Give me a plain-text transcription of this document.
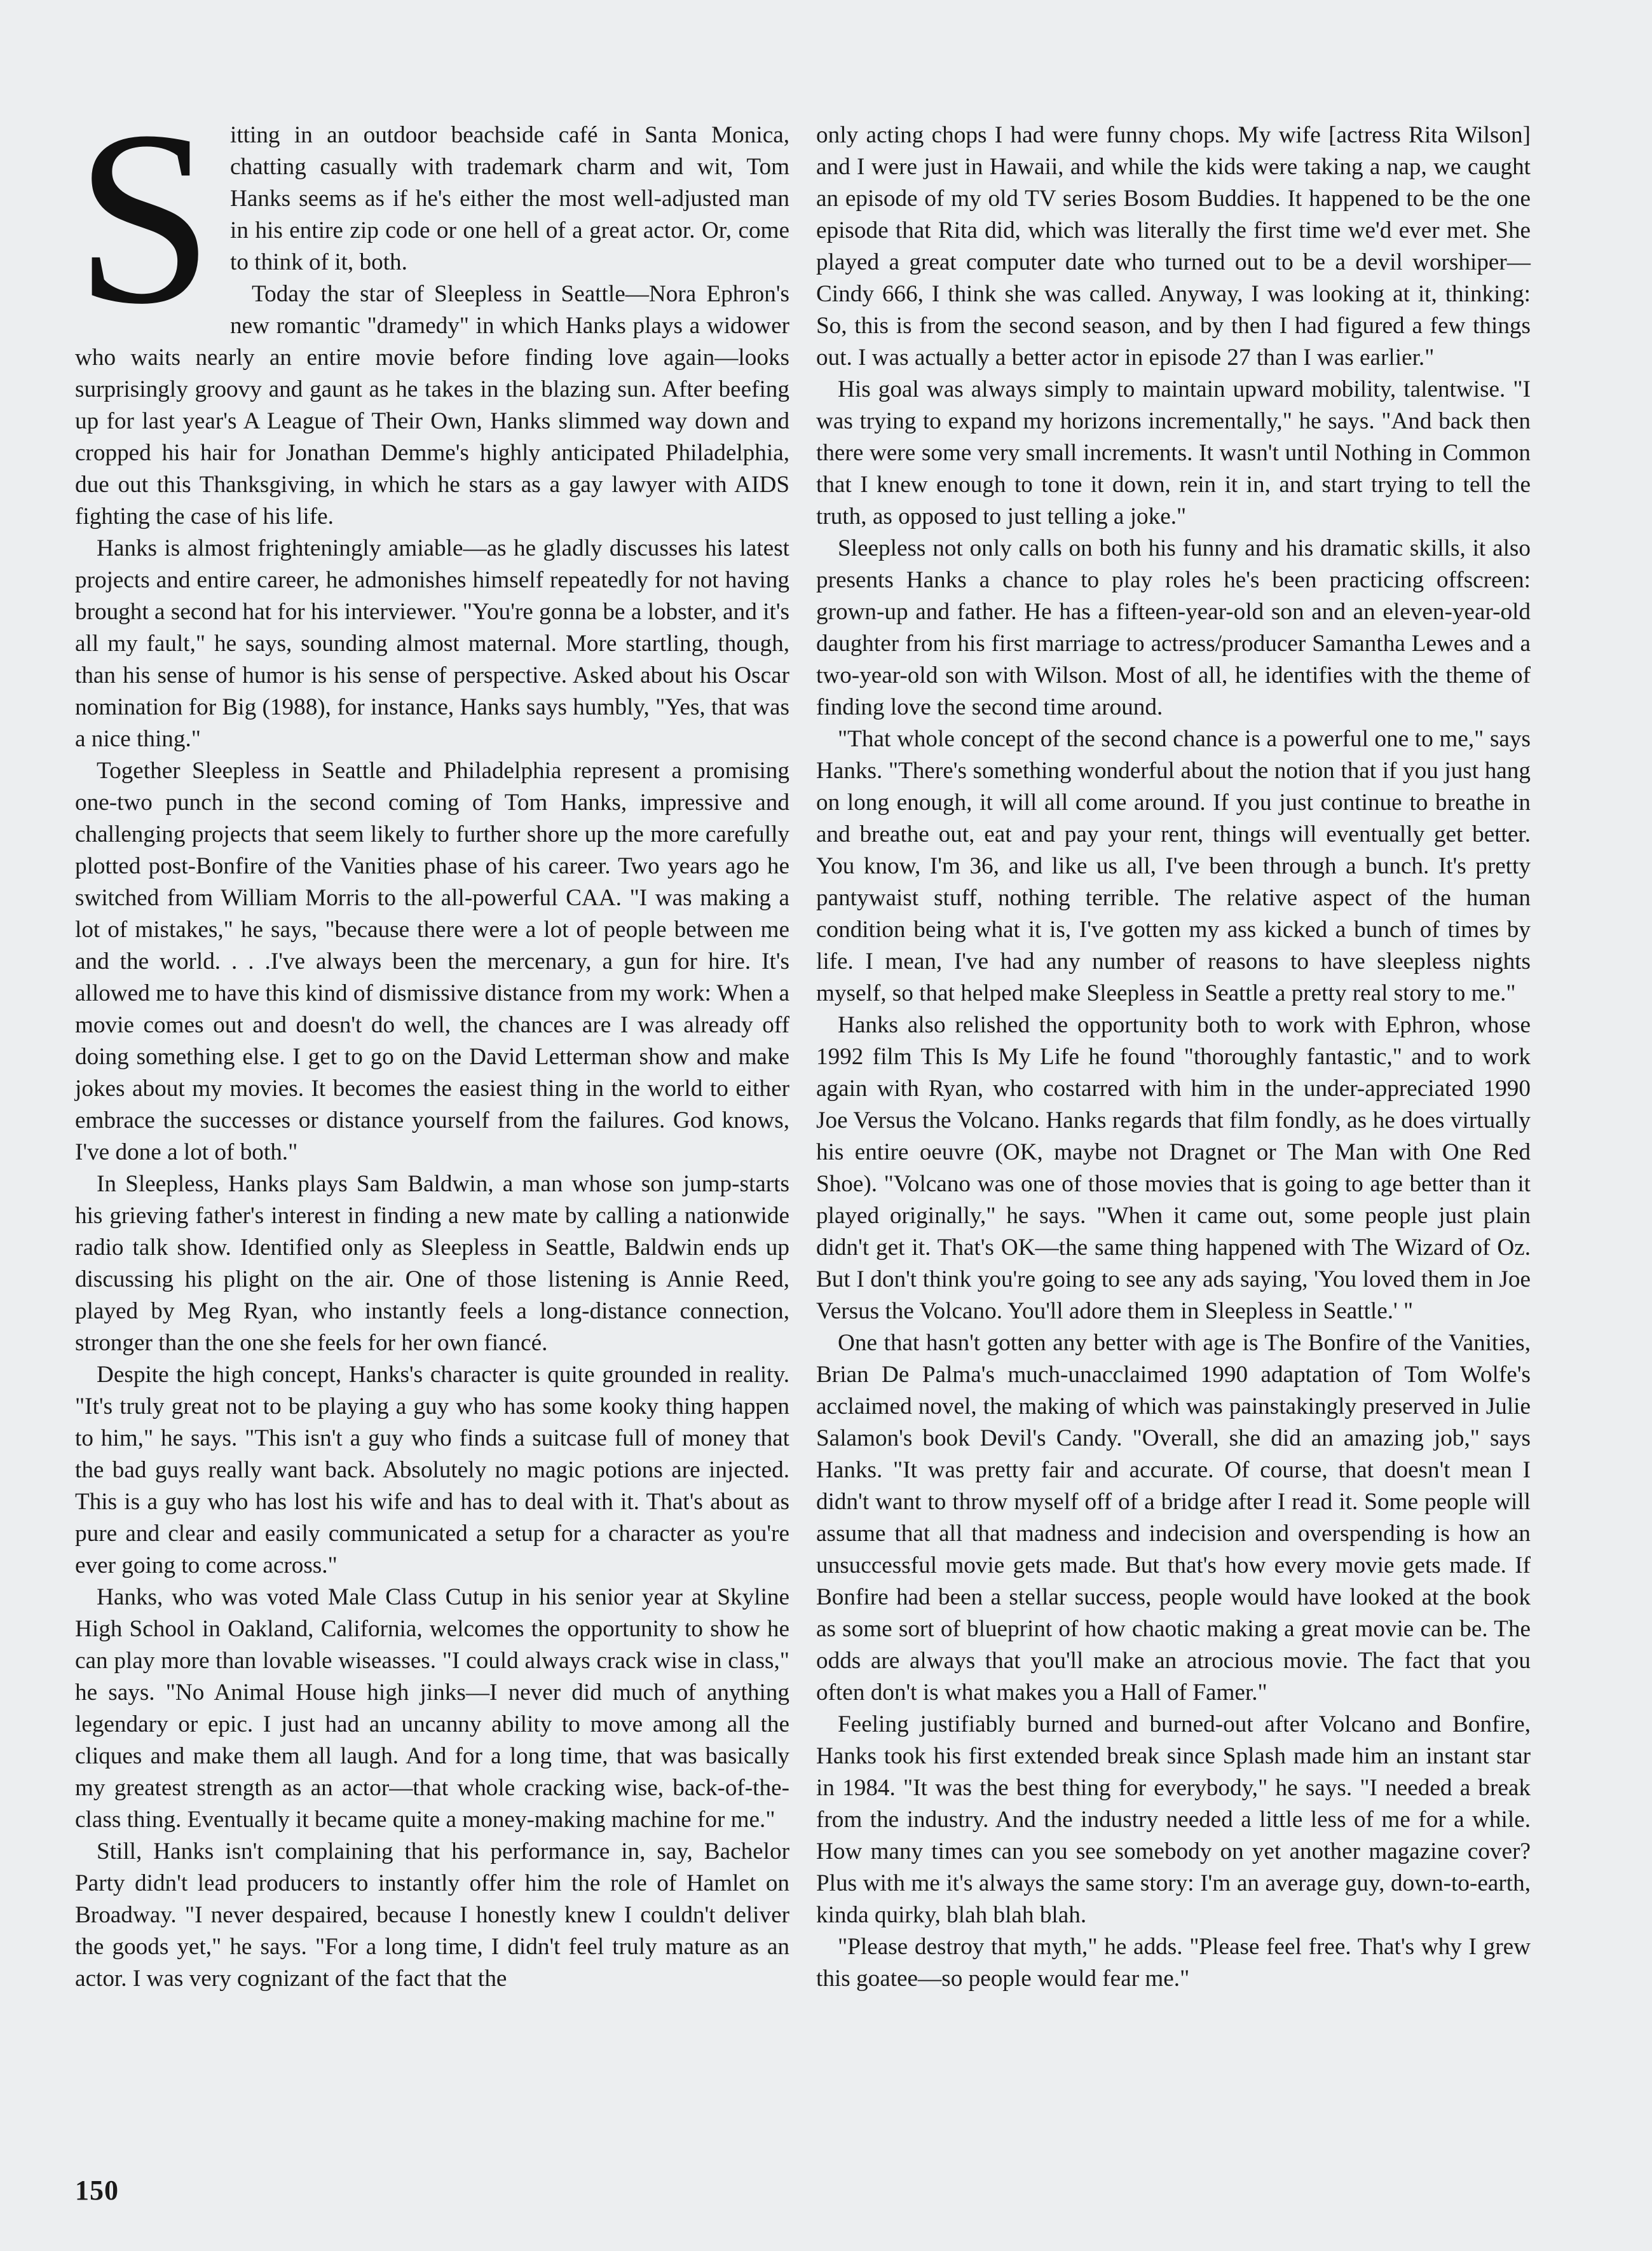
Sitting in an outdoor beachside café in Santa Monica, chatting casually with trademark charm and wit, Tom Hanks seems as if he's either the most well-adjusted man in his entire zip code or one hell of a great actor. Or, come to think of it, both.

Today the star of Sleepless in Seattle—Nora Ephron's new romantic "dramedy" in which Hanks plays a widower who waits nearly an entire movie before finding love again—looks surprisingly groovy and gaunt as he takes in the blazing sun. After beefing up for last year's A League of Their Own, Hanks slimmed way down and cropped his hair for Jonathan Demme's highly anticipated Philadelphia, due out this Thanksgiving, in which he stars as a gay lawyer with AIDS fighting the case of his life.

Hanks is almost frighteningly amiable—as he gladly discusses his latest projects and entire career, he admonishes himself repeatedly for not having brought a second hat for his interviewer. "You're gonna be a lobster, and it's all my fault," he says, sounding almost maternal. More startling, though, than his sense of humor is his sense of perspective. Asked about his Oscar nomination for Big (1988), for instance, Hanks says humbly, "Yes, that was a nice thing."

Together Sleepless in Seattle and Philadelphia represent a promising one-two punch in the second coming of Tom Hanks, impressive and challenging projects that seem likely to further shore up the more carefully plotted post-Bonfire of the Vanities phase of his career. Two years ago he switched from William Morris to the all-powerful CAA. "I was making a lot of mistakes," he says, "because there were a lot of people between me and the world. . . .I've always been the mercenary, a gun for hire. It's allowed me to have this kind of dismissive distance from my work: When a movie comes out and doesn't do well, the chances are I was already off doing something else. I get to go on the David Letterman show and make jokes about my movies. It becomes the easiest thing in the world to either embrace the successes or distance yourself from the failures. God knows, I've done a lot of both."

In Sleepless, Hanks plays Sam Baldwin, a man whose son jump-starts his grieving father's interest in finding a new mate by calling a nationwide radio talk show. Identified only as Sleepless in Seattle, Baldwin ends up discussing his plight on the air. One of those listening is Annie Reed, played by Meg Ryan, who instantly feels a long-distance connection, stronger than the one she feels for her own fiancé.

Despite the high concept, Hanks's character is quite grounded in reality. "It's truly great not to be playing a guy who has some kooky thing happen to him," he says. "This isn't a guy who finds a suitcase full of money that the bad guys really want back. Absolutely no magic potions are injected. This is a guy who has lost his wife and has to deal with it. That's about as pure and clear and easily communicated a setup for a character as you're ever going to come across."

Hanks, who was voted Male Class Cutup in his senior year at Skyline High School in Oakland, California, welcomes the opportunity to show he can play more than lovable wiseasses. "I could always crack wise in class," he says. "No Animal House high jinks—I never did much of anything legendary or epic. I just had an uncanny ability to move among all the cliques and make them all laugh. And for a long time, that was basically my greatest strength as an actor—that whole cracking wise, back-of-the-class thing. Eventually it became quite a money-making machine for me."

Still, Hanks isn't complaining that his performance in, say, Bachelor Party didn't lead producers to instantly offer him the role of Hamlet on Broadway. "I never despaired, because I honestly knew I couldn't deliver the goods yet," he says. "For a long time, I didn't feel truly mature as an actor. I was very cognizant of the fact that the

only acting chops I had were funny chops. My wife [actress Rita Wilson] and I were just in Hawaii, and while the kids were taking a nap, we caught an episode of my old TV series Bosom Buddies. It happened to be the one episode that Rita did, which was literally the first time we'd ever met. She played a great computer date who turned out to be a devil worshiper—Cindy 666, I think she was called. Anyway, I was looking at it, thinking: So, this is from the second season, and by then I had figured a few things out. I was actually a better actor in episode 27 than I was earlier."

His goal was always simply to maintain upward mobility, talentwise. "I was trying to expand my horizons incrementally," he says. "And back then there were some very small increments. It wasn't until Nothing in Common that I knew enough to tone it down, rein it in, and start trying to tell the truth, as opposed to just telling a joke."

Sleepless not only calls on both his funny and his dramatic skills, it also presents Hanks a chance to play roles he's been practicing offscreen: grown-up and father. He has a fifteen-year-old son and an eleven-year-old daughter from his first marriage to actress/producer Samantha Lewes and a two-year-old son with Wilson. Most of all, he identifies with the theme of finding love the second time around.

"That whole concept of the second chance is a powerful one to me," says Hanks. "There's something wonderful about the notion that if you just hang on long enough, it will all come around. If you just continue to breathe in and breathe out, eat and pay your rent, things will eventually get better. You know, I'm 36, and like us all, I've been through a bunch. It's pretty pantywaist stuff, nothing terrible. The relative aspect of the human condition being what it is, I've gotten my ass kicked a bunch of times by life. I mean, I've had any number of reasons to have sleepless nights myself, so that helped make Sleepless in Seattle a pretty real story to me."

Hanks also relished the opportunity both to work with Ephron, whose 1992 film This Is My Life he found "thoroughly fantastic," and to work again with Ryan, who costarred with him in the under-appreciated 1990 Joe Versus the Volcano. Hanks regards that film fondly, as he does virtually his entire oeuvre (OK, maybe not Dragnet or The Man with One Red Shoe). "Volcano was one of those movies that is going to age better than it played originally," he says. "When it came out, some people just plain didn't get it. That's OK—the same thing happened with The Wizard of Oz. But I don't think you're going to see any ads saying, 'You loved them in Joe Versus the Volcano. You'll adore them in Sleepless in Seattle.' "

One that hasn't gotten any better with age is The Bonfire of the Vanities, Brian De Palma's much-unacclaimed 1990 adaptation of Tom Wolfe's acclaimed novel, the making of which was painstakingly preserved in Julie Salamon's book Devil's Candy. "Overall, she did an amazing job," says Hanks. "It was pretty fair and accurate. Of course, that doesn't mean I didn't want to throw myself off of a bridge after I read it. Some people will assume that all that madness and indecision and overspending is how an unsuccessful movie gets made. But that's how every movie gets made. If Bonfire had been a stellar success, people would have looked at the book as some sort of blueprint of how chaotic making a great movie can be. The odds are always that you'll make an atrocious movie. The fact that you often don't is what makes you a Hall of Famer."

Feeling justifiably burned and burned-out after Volcano and Bonfire, Hanks took his first extended break since Splash made him an instant star in 1984. "It was the best thing for everybody," he says. "I needed a break from the industry. And the industry needed a little less of me for a while. How many times can you see somebody on yet another magazine cover? Plus with me it's always the same story: I'm an average guy, down-to-earth, kinda quirky, blah blah blah.

"Please destroy that myth," he adds. "Please feel free. That's why I grew this goatee—so people would fear me."

150
